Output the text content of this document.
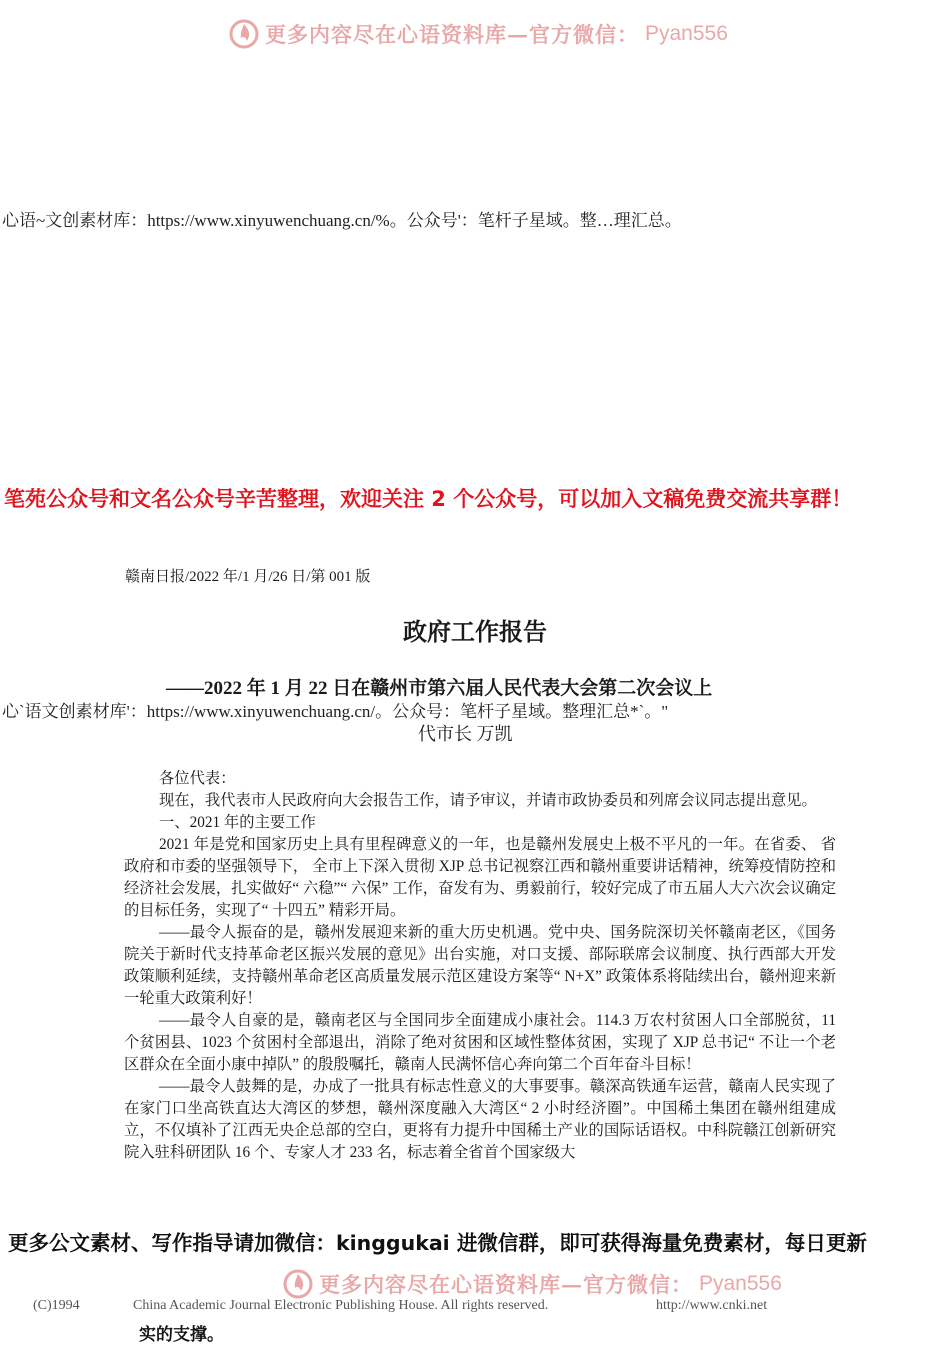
更多内容尽在心语资料库—官方微信： Pyan556
心语~文创素材库：https://www.xinyuwenchuang.cn/%。公众号'：笔杆子星域。整…理汇总。
笔苑公众号和文名公众号辛苦整理，欢迎关注 2 个公众号，可以加入文稿免费交流共享群！
赣南日报/2022 年/1 月/26 日/第 001 版
政府工作报告
——2022 年 1 月 22 日在赣州市第六届人民代表大会第二次会议上
心`语文创素材库'：https://www.xinyuwenchuang.cn/。公众号：笔杆子星域。整理汇总*`。"
代市长 万凯

各位代表：

现在，我代表市人民政府向大会报告工作，请予审议，并请市政协委员和列席会议同志提出意见。

一、2021 年的主要工作

2021 年是党和国家历史上具有里程碑意义的一年，也是赣州发展史上极不平凡的一年。在省委、 省政府和市委的坚强领导下， 全市上下深入贯彻 XJP 总书记视察江西和赣州重要讲话精神，统筹疫情防控和经济社会发展，扎实做好“ 六稳”“ 六保” 工作，奋发有为、勇毅前行，较好完成了市五届人大六次会议确定的目标任务，实现了“ 十四五” 精彩开局。

——最令人振奋的是，赣州发展迎来新的重大历史机遇。党中央、国务院深切关怀赣南老区，《国务院关于新时代支持革命老区振兴发展的意见》出台实施，对口支援、部际联席会议制度、执行西部大开发政策顺利延续，支持赣州革命老区高质量发展示范区建设方案等“ N+X” 政策体系将陆续出台，赣州迎来新一轮重大政策利好！

——最令人自豪的是，赣南老区与全国同步全面建成小康社会。114.3 万农村贫困人口全部脱贫，11 个贫困县、1023 个贫困村全部退出，消除了绝对贫困和区域性整体贫困，实现了 XJP 总书记“ 不让一个老区群众在全面小康中掉队” 的殷殷嘱托，赣南人民满怀信心奔向第二个百年奋斗目标！

——最令人鼓舞的是，办成了一批具有标志性意义的大事要事。赣深高铁通车运营，赣南人民实现了在家门口坐高铁直达大湾区的梦想，赣州深度融入大湾区“ 2 小时经济圈”。中国稀土集团在赣州组建成立，不仅填补了江西无央企总部的空白，更将有力提升中国稀土产业的国际话语权。中科院赣江创新研究院入驻科研团队 16 个、专家人才 233 名，标志着全省首个国家级大

更多公文素材、写作指导请加微信：kinggukai 进微信群，即可获得海量免费素材，每日更新
更多内容尽在心语资料库—官方微信： Pyan556
(C)1994	China Academic Journal Electronic Publishing House. All rights reserved.	http://www.cnki.net
实的支撑。
